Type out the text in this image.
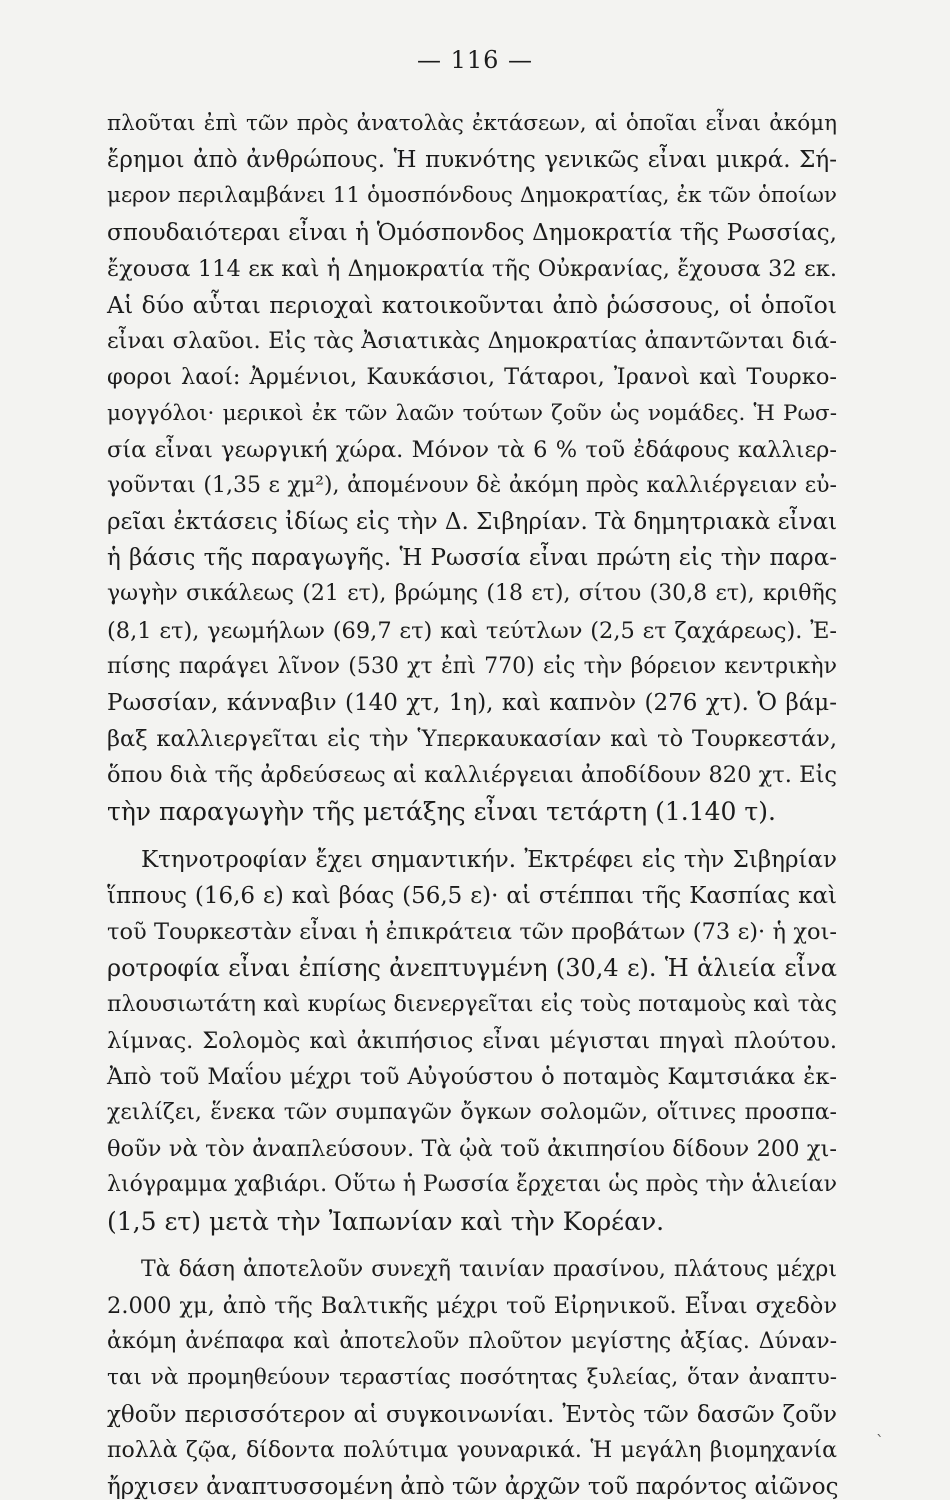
— 116 —
πλοῦται ἐπὶ τῶν πρὸς ἀνατολὰς ἐκτάσεων, αἱ ὁποῖαι εἶναι ἀκόμη
ἔρημοι ἀπὸ ἀνθρώπους. Ἡ πυκνότης γενικῶς εἶναι μικρά. Σή-
μερον περιλαμβάνει 11 ὁμοσπόνδους Δημοκρατίας, ἐκ τῶν ὁποίων
σπουδαιότεραι εἶναι ἡ Ὁμόσπονδος Δημοκρατία τῆς Ρωσσίας,
ἔχουσα 114 εκ καὶ ἡ Δημοκρατία τῆς Οὐκρανίας, ἔχουσα 32 εκ.
Αἱ δύο αὗται περιοχαὶ κατοικοῦνται ἀπὸ ῥώσσους, οἱ ὁποῖοι
εἶναι σλαῦοι. Εἰς τὰς Ἀσιατικὰς Δημοκρατίας ἀπαντῶνται διά-
φοροι λαοί: Ἀρμένιοι, Καυκάσιοι, Τάταροι, Ἰρανοὶ καὶ Τουρκο-
μογγόλοι· μερικοὶ ἐκ τῶν λαῶν τούτων ζοῦν ὡς νομάδες. Ἡ Ρωσ-
σία εἶναι γεωργική χώρα. Μόνον τὰ 6 % τοῦ ἐδάφους καλλιερ-
γοῦνται (1,35 ε χμ²), ἀπομένουν δὲ ἀκόμη πρὸς καλλιέργειαν εὐ-
ρεῖαι ἐκτάσεις ἰδίως εἰς τὴν Δ. Σιβηρίαν. Τὰ δημητριακὰ εἶναι
ἡ βάσις τῆς παραγωγῆς. Ἡ Ρωσσία εἶναι πρώτη εἰς τὴν παρα-
γωγὴν σικάλεως (21 ετ), βρώμης (18 ετ), σίτου (30,8 ετ), κριθῆς
(8,1 ετ), γεωμήλων (69,7 ετ) καὶ τεύτλων (2,5 ετ ζαχάρεως). Ἐ-
πίσης παράγει λῖνον (530 χτ ἐπὶ 770) εἰς τὴν βόρειον κεντρικὴν
Ρωσσίαν, κάνναβιν (140 χτ, 1η), καὶ καπνὸν (276 χτ). Ὁ βάμ-
βαξ καλλιεργεῖται εἰς τὴν Ὑπερκαυκασίαν καὶ τὸ Τουρκεστάν,
ὅπου διὰ τῆς ἀρδεύσεως αἱ καλλιέργειαι ἀποδίδουν 820 χτ. Εἰς
τὴν παραγωγὴν τῆς μετάξης εἶναι τετάρτη (1.140 τ).
Κτηνοτροφίαν ἔχει σημαντικήν. Ἐκτρέφει εἰς τὴν Σιβηρίαν
ἵππους (16,6 ε) καὶ βόας (56,5 ε)· αἱ στέππαι τῆς Κασπίας καὶ
τοῦ Τουρκεστὰν εἶναι ἡ ἐπικράτεια τῶν προβάτων (73 ε)· ἡ χοι-
ροτροφία εἶναι ἐπίσης ἀνεπτυγμένη (30,4 ε). Ἡ ἁλιεία εἶνα
πλουσιωτάτη καὶ κυρίως διενεργεῖται εἰς τοὺς ποταμοὺς καὶ τὰς
λίμνας. Σολομὸς καὶ ἀκιπήσιος εἶναι μέγισται πηγαὶ πλούτου.
Ἀπὸ τοῦ Μαΐου μέχρι τοῦ Αὐγούστου ὁ ποταμὸς Καμτσιάκα ἐκ-
χειλίζει, ἕνεκα τῶν συμπαγῶν ὄγκων σολομῶν, οἵτινες προσπα-
θοῦν νὰ τὸν ἀναπλεύσουν. Τὰ ᾠὰ τοῦ ἀκιπησίου δίδουν 200 χι-
λιόγραμμα χαβιάρι. Οὕτω ἡ Ρωσσία ἔρχεται ὡς πρὸς τὴν ἁλιείαν
(1,5 ετ) μετὰ τὴν Ἰαπωνίαν καὶ τὴν Κορέαν.
Τὰ δάση ἀποτελοῦν συνεχῆ ταινίαν πρασίνου, πλάτους μέχρι
2.000 χμ, ἀπὸ τῆς Βαλτικῆς μέχρι τοῦ Εἰρηνικοῦ. Εἶναι σχεδὸν
ἀκόμη ἀνέπαφα καὶ ἀποτελοῦν πλοῦτον μεγίστης ἀξίας. Δύναν-
ται νὰ προμηθεύουν τεραστίας ποσότητας ξυλείας, ὅταν ἀναπτυ-
χθοῦν περισσότερον αἱ συγκοινωνίαι. Ἐντὸς τῶν δασῶν ζοῦν
πολλὰ ζῷα, δίδοντα πολύτιμα γουναρικά. Ἡ μεγάλη βιομηχανία
ἤρχισεν ἀναπτυσσομένη ἀπὸ τῶν ἀρχῶν τοῦ παρόντος αἰῶνος
ˋ
